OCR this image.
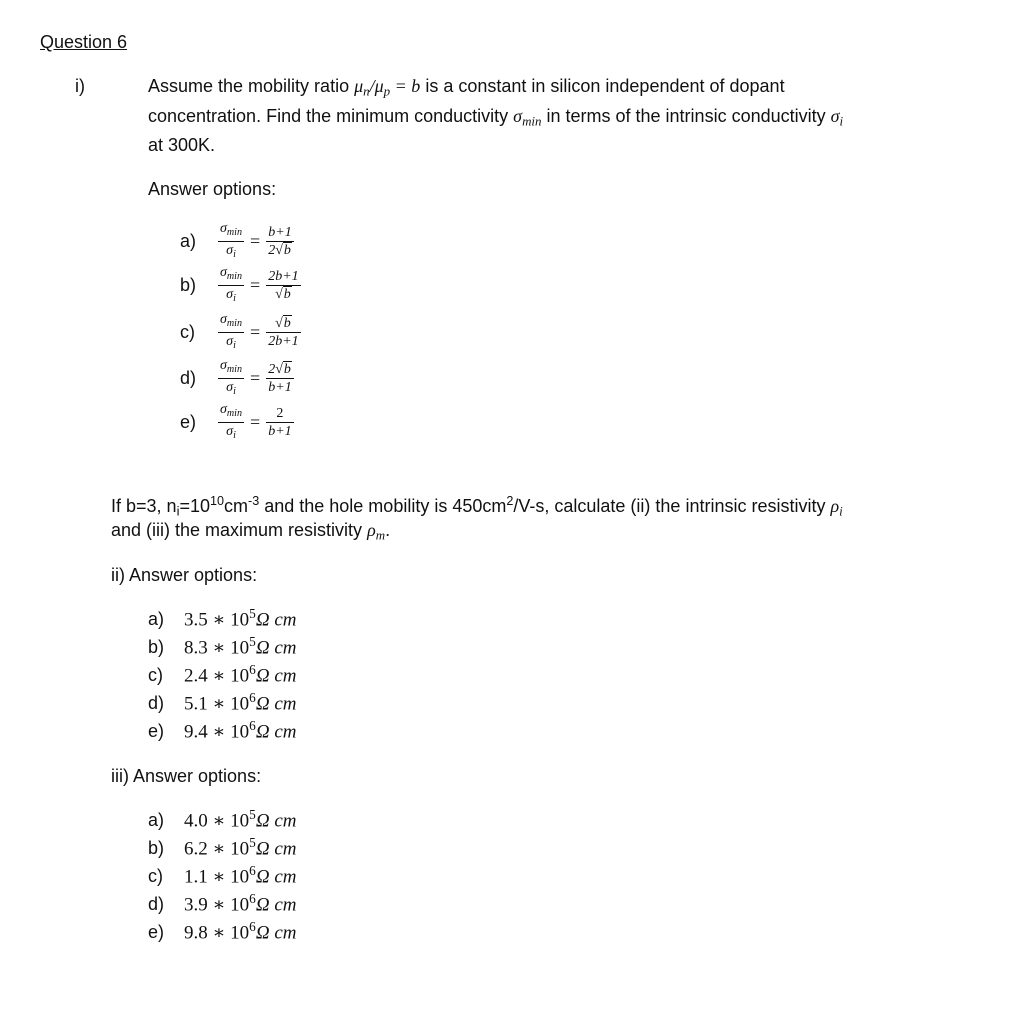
Question 6
i)	Assume the mobility ratio $\mu_n/\mu_p = b$ is a constant in silicon independent of dopant
concentration. Find the minimum conductivity $\sigma_{min}$ in terms of the intrinsic conductivity $\sigma_i$
at 300K.
Answer options:
a)	$\frac{\sigma_{min}}{\sigma_i} = \frac{b+1}{2 √ b}$
b)	$\frac{\sigma_{min}}{\sigma_i} = \frac{2b+1}{√ b}$
c)	$\frac{\sigma_{min}}{\sigma_i} = \frac{√ b}{2b+1}$
d)	$\frac{\sigma_{min}}{\sigma_i} = \frac{2 √ b}{b+1}$
e)	$\frac{\sigma_{min}}{\sigma_i} = \frac{2}{b+1}$
If b=3, $n_i=10^{10}cm^{-3}$ and the hole mobility is $450cm^2/V-s$, calculate (ii) the intrinsic resistivity $\rho_i$
and (iii) the maximum resistivity $\rho_m$.
ii) Answer options:
a)	3.5 ∗ $10^5\Omega$ cm
b)	8.3 ∗ $10^5\Omega$ cm
c)	2.4 ∗ $10^6\Omega$ cm
d)	5.1 ∗ $10^6\Omega$ cm
e)	9.4 ∗ $10^6\Omega$ cm
iii) Answer options:
a)	4.0 ∗ $10^5\Omega$ cm
b)	6.2 ∗ $10^5\Omega$ cm
c)	1.1 ∗ $10^6\Omega$ cm
d)	3.9 ∗ $10^6\Omega$ cm
e)	9.8 ∗ $10^6\Omega$ cm
